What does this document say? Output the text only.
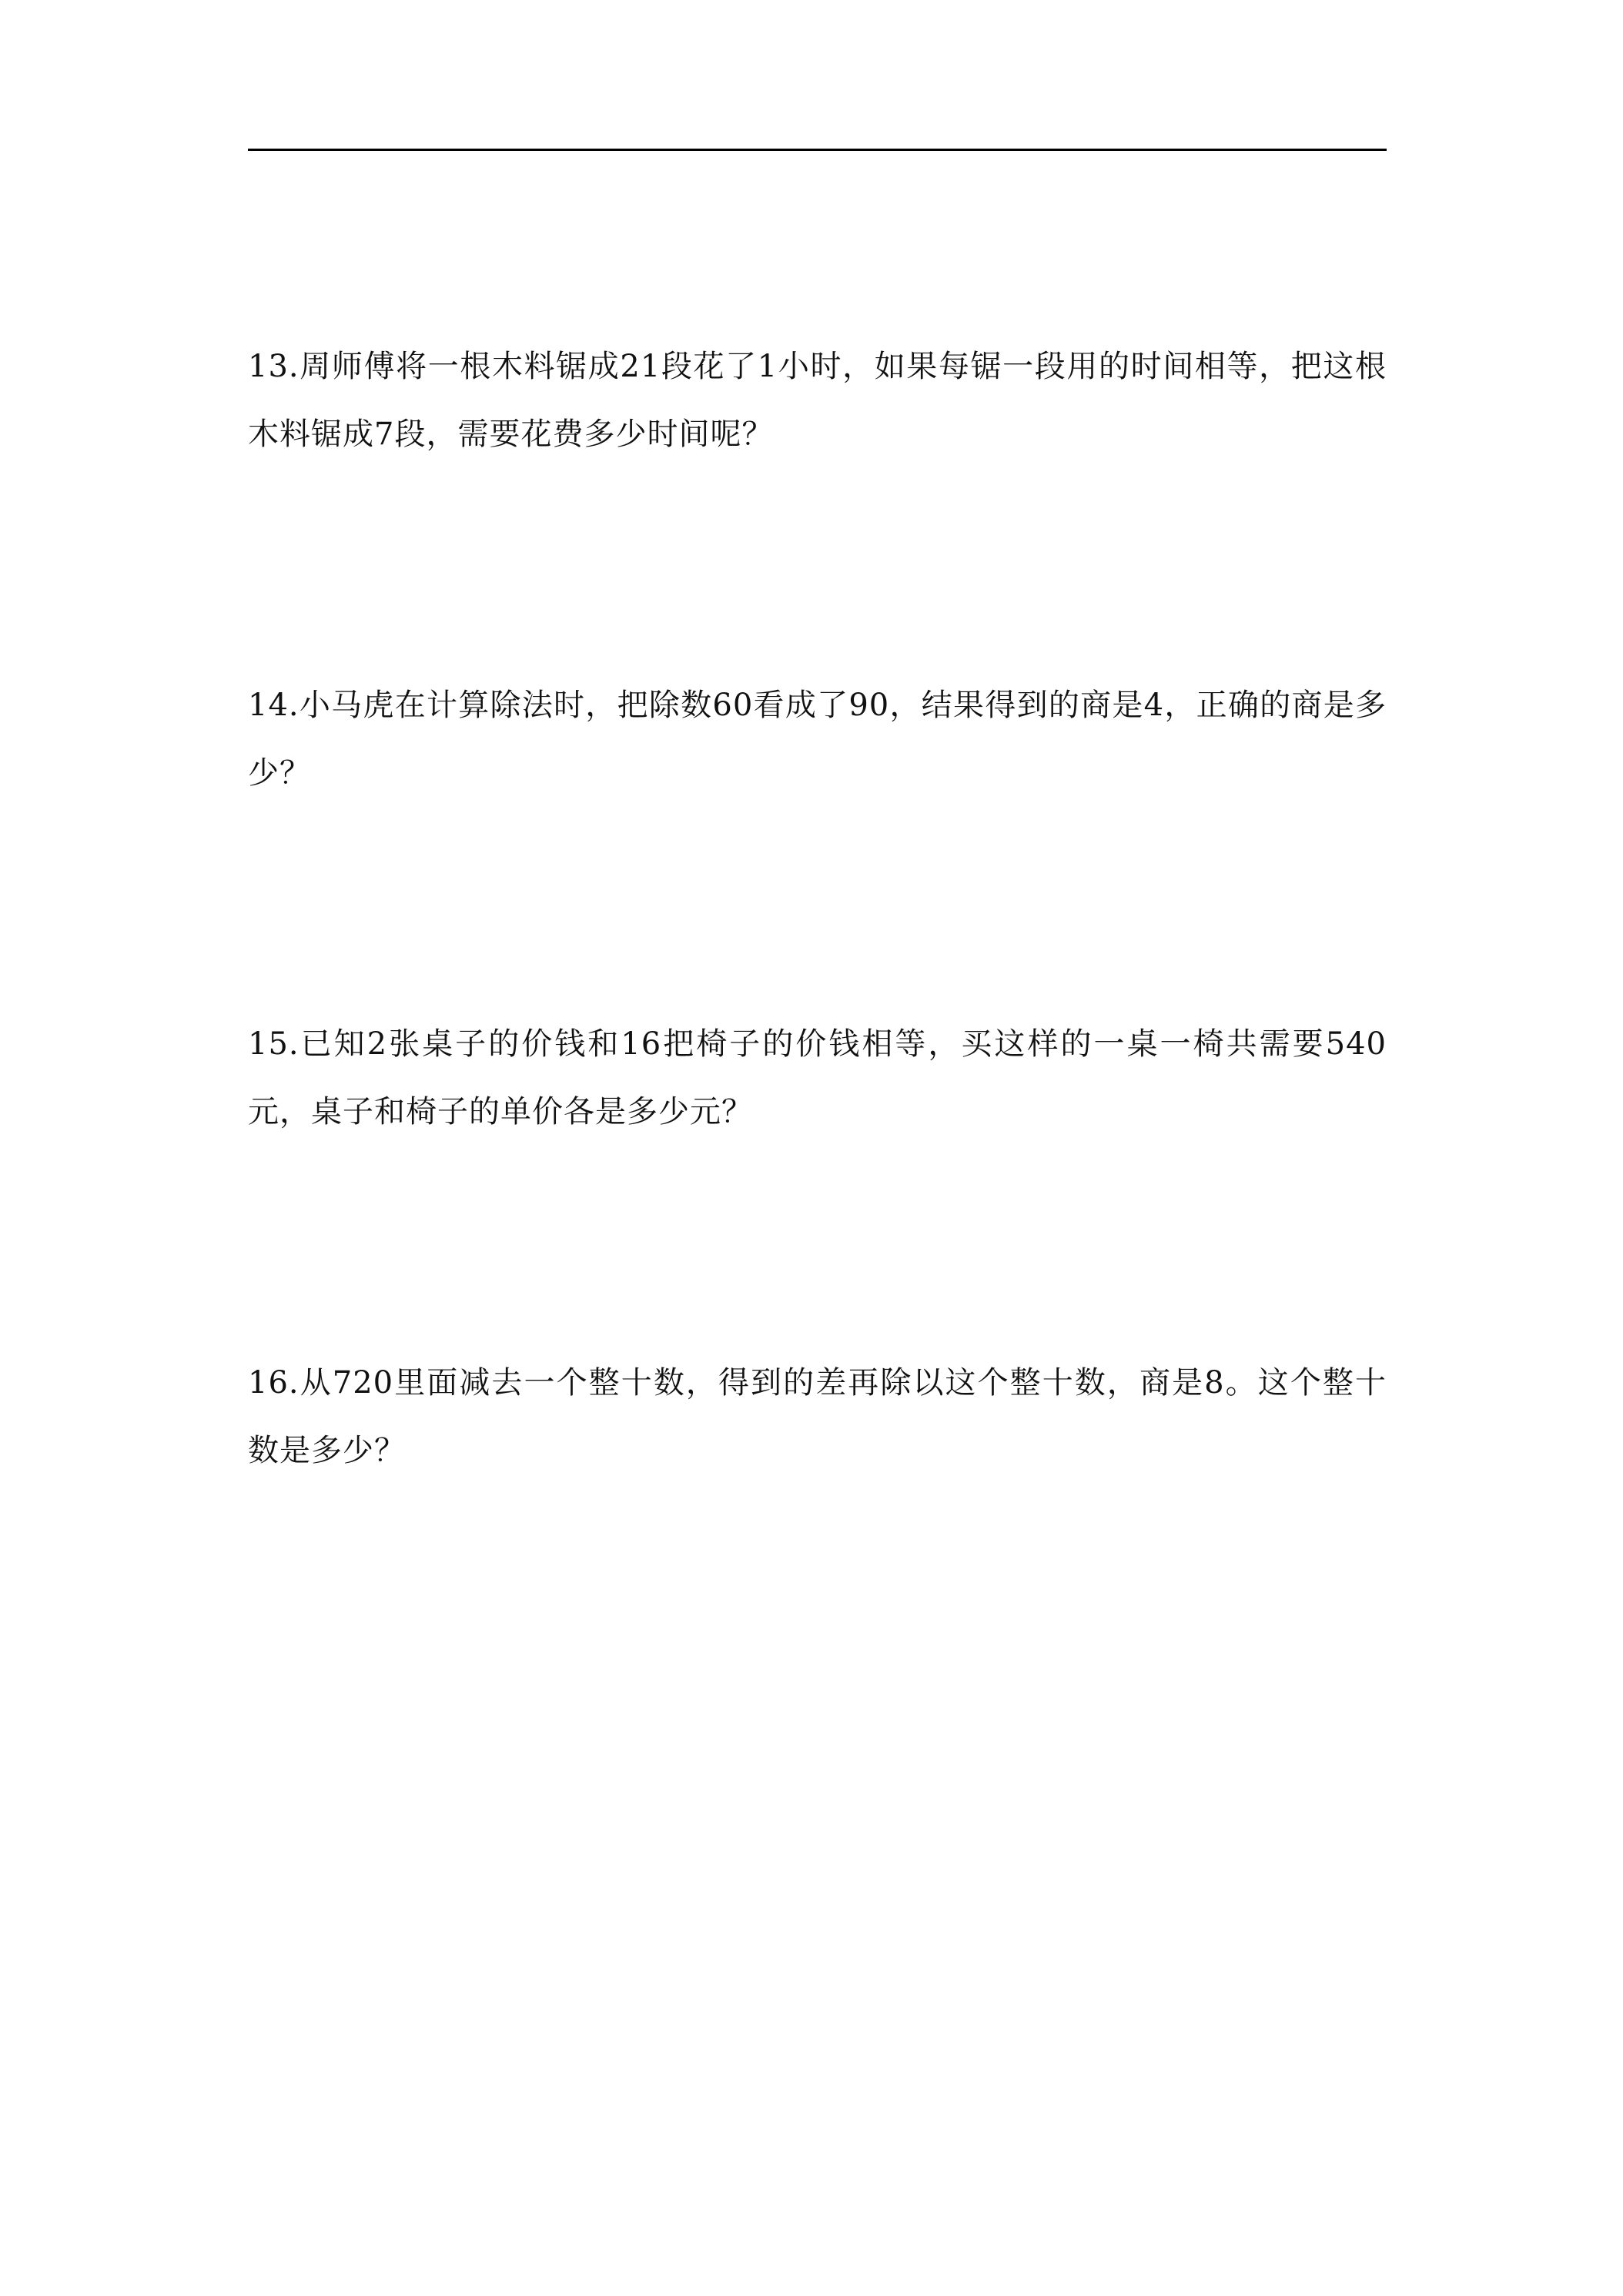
13.周师傅将一根木料锯成21段花了1小时，如果每锯一段用的时间相等，把这根木料锯成7段，需要花费多少时间呢？

14.小马虎在计算除法时，把除数60看成了90，结果得到的商是4，正确的商是多少？

15.已知2张桌子的价钱和16把椅子的价钱相等，买这样的一桌一椅共需要540元，桌子和椅子的单价各是多少元？

16.从720里面减去一个整十数，得到的差再除以这个整十数，商是8。这个整十数是多少？
